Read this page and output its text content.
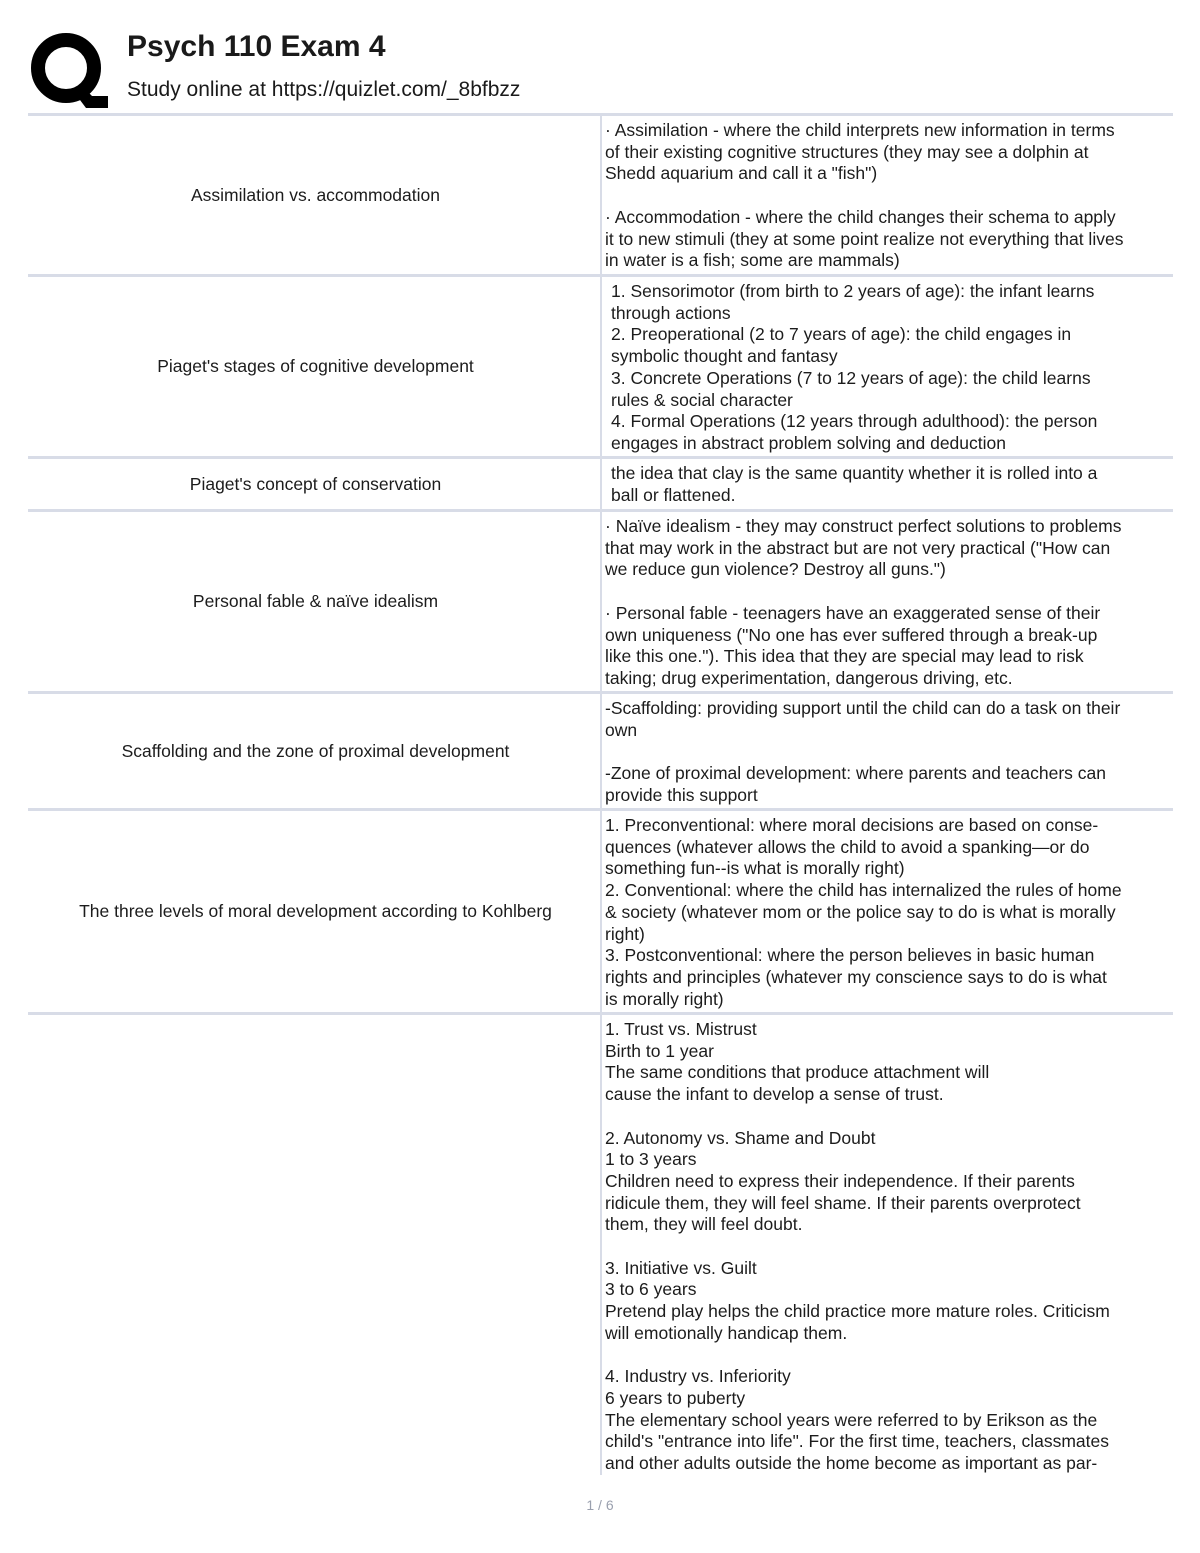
Psych 110 Exam 4
Study online at https://quizlet.com/_8bfbzz
Assimilation vs. accommodation
· Assimilation - where the child interprets new information in terms
of their existing cognitive structures (they may see a dolphin at
Shedd aquarium and call it a "fish")

· Accommodation - where the child changes their schema to apply
it to new stimuli (they at some point realize not everything that lives
in water is a fish; some are mammals)
Piaget's stages of cognitive development
1. Sensorimotor (from birth to 2 years of age): the infant learns
through actions
2. Preoperational (2 to 7 years of age): the child engages in
symbolic thought and fantasy
3. Concrete Operations (7 to 12 years of age): the child learns
rules & social character
4. Formal Operations (12 years through adulthood): the person
engages in abstract problem solving and deduction
Piaget's concept of conservation
the idea that clay is the same quantity whether it is rolled into a
ball or flattened.
Personal fable & naïve idealism
· Naïve idealism - they may construct perfect solutions to problems
that may work in the abstract but are not very practical ("How can
we reduce gun violence? Destroy all guns.")

· Personal fable - teenagers have an exaggerated sense of their
own uniqueness ("No one has ever suffered through a break-up
like this one."). This idea that they are special may lead to risk
taking; drug experimentation, dangerous driving, etc.
Scaffolding and the zone of proximal development
-Scaffolding: providing support until the child can do a task on their
own

-Zone of proximal development: where parents and teachers can
provide this support
The three levels of moral development according to Kohlberg
1. Preconventional: where moral decisions are based on conse-
quences (whatever allows the child to avoid a spanking—or do
something fun--is what is morally right)
2. Conventional: where the child has internalized the rules of home
& society (whatever mom or the police say to do is what is morally
right)
3. Postconventional: where the person believes in basic human
rights and principles (whatever my conscience says to do is what
is morally right)
1. Trust vs. Mistrust
Birth to 1 year
The same conditions that produce attachment will
cause the infant to develop a sense of trust.

2. Autonomy vs. Shame and Doubt
1 to 3 years
Children need to express their independence. If their parents
ridicule them, they will feel shame. If their parents overprotect
them, they will feel doubt.

3. Initiative vs. Guilt
3 to 6 years
Pretend play helps the child practice more mature roles. Criticism
will emotionally handicap them.

4. Industry vs. Inferiority
6 years to puberty
The elementary school years were referred to by Erikson as the
child's "entrance into life". For the first time, teachers, classmates
and other adults outside the home become as important as par-
1 / 6
